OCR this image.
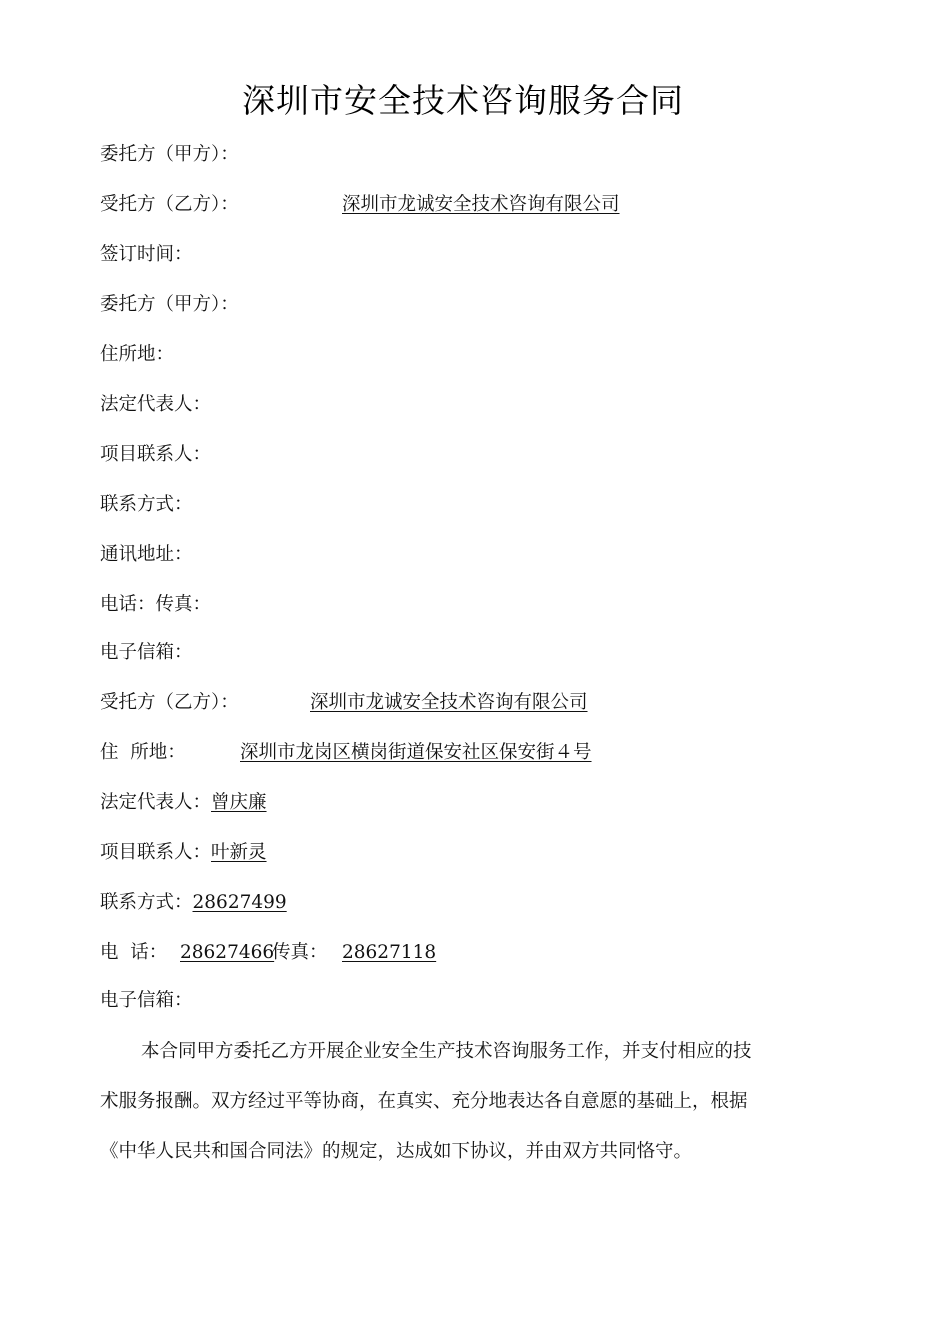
深圳市安全技术咨询服务合同
委托方（甲方）：
受托方（乙方）：	深圳市龙诚安全技术咨询有限公司
签订时间：
委托方（甲方）：
住所地：
法定代表人：
项目联系人：
联系方式：
通讯地址：
电话：传真：
电子信箱：
受托方（乙方）：	深圳市龙诚安全技术咨询有限公司
住  所地：	深圳市龙岗区横岗街道保安社区保安街４号
法定代表人：曾庆廉
项目联系人：叶新灵
联系方式：28627499
电  话： 28627466
传真： 28627118
电子信箱：
本合同甲方委托乙方开展企业安全生产技术咨询服务工作，并支付相应的技
术服务报酬。双方经过平等协商，在真实、充分地表达各自意愿的基础上，根据
《中华人民共和国合同法》的规定，达成如下协议，并由双方共同恪守。
